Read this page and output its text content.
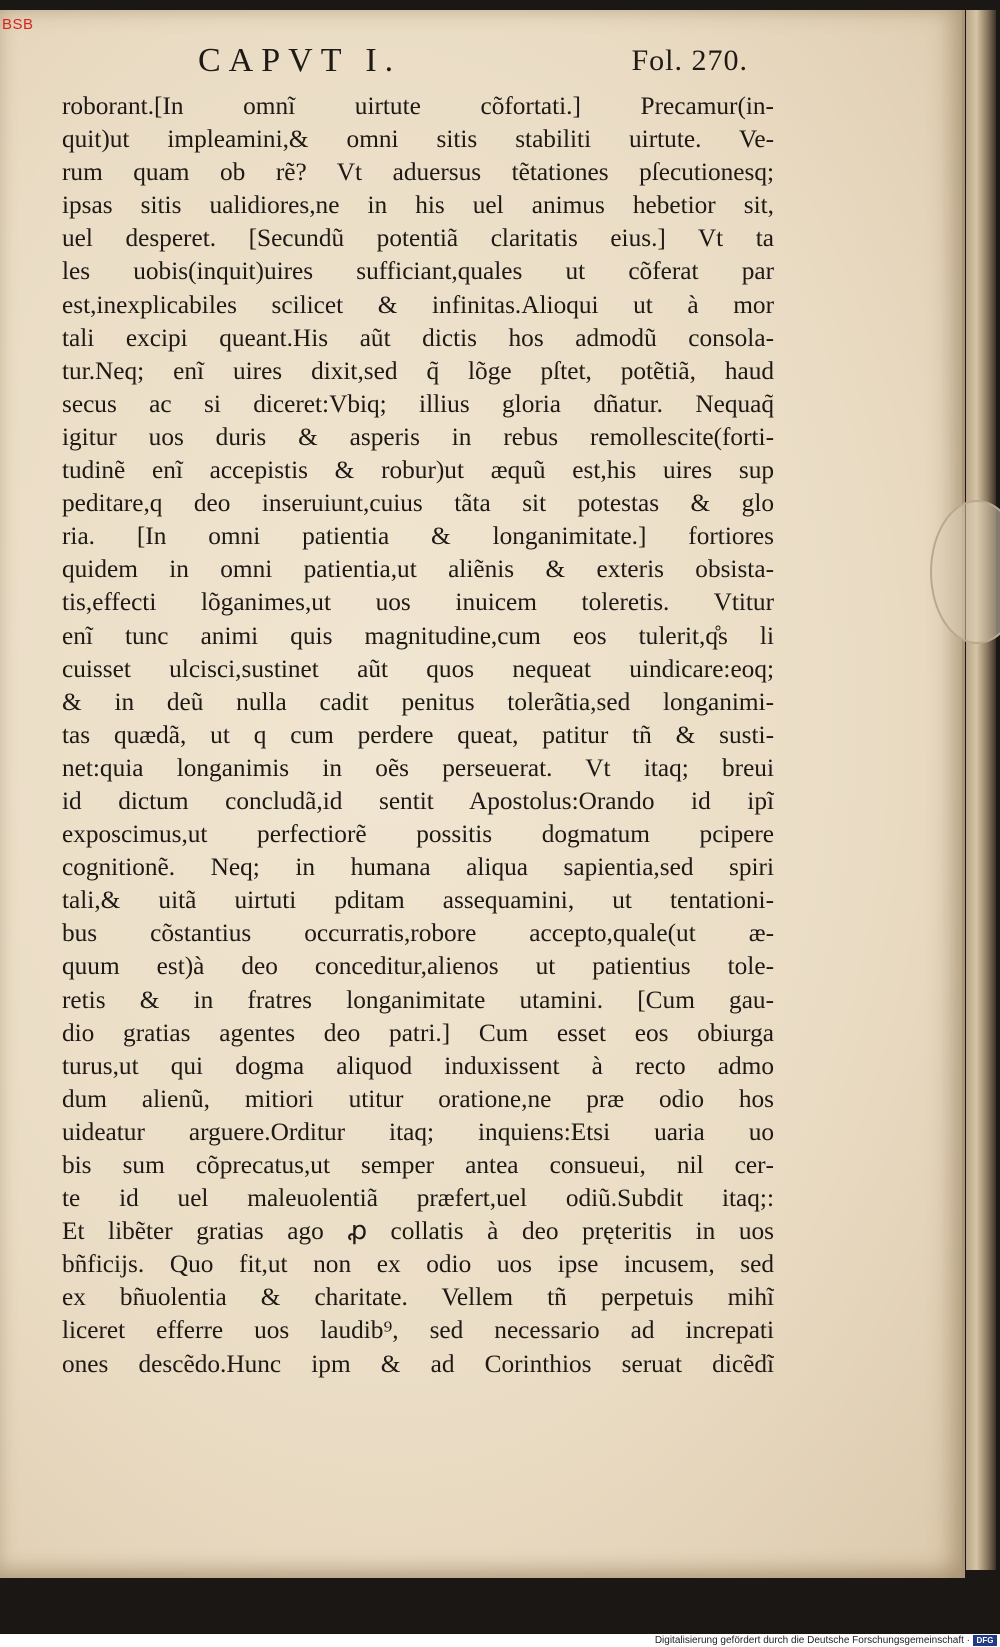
BSB
CAPVT I.	Fol. 270.
roborant.[In omnĩ uirtute cõfortati.] Precamur(in‑
quit)ut impleamini,& omni sitis stabiliti uirtute. Ve‑
rum quam ob rẽ? Vt aduersus tẽtationes pſecutionesq;
ipsas sitis ualidiores,ne in his uel animus hebetior sit,
uel desperet. [Secundũ potentiã claritatis eius.] Vt ta
les uobis(inquit)uires sufficiant,quales ut cõferat par
est,inexplicabiles scilicet & infinitas.Alioqui ut à mor
tali excipi queant.His aũt dictis hos admodũ consola‑
tur.Neq; enĩ uires dixit,sed q̃ lõge pſtet, potẽtiã, haud
secus ac si diceret:Vbiq; illius gloria dñatur. Nequaq̃
igitur uos duris & asperis in rebus remollescite(forti‑
tudinẽ enĩ accepistis & robur)ut æquũ est,his uires sup
peditare,q deo inseruiunt,cuius tãta sit potestas & glo
ria. [In omni patientia & longanimitate.] fortiores
quidem in omni patientia,ut aliẽnis & exteris obsista‑
tis,effecti lõganimes,ut uos inuicem toleretis. Vtitur
enĩ tunc animi quis magnitudine,cum eos tulerit,q̊s li
cuisset ulcisci,sustinet aũt quos nequeat uindicare:eoq;
& in deũ nulla cadit penitus tolerãtia,sed longanimi‑
tas quædã, ut q cum perdere queat, patitur tñ & susti‑
net:quia longanimis in oẽs perseuerat. Vt itaq; breui
id dictum concludã,id sentit Apostolus:Orando id ipĩ
exposcimus,ut perfectiorẽ possitis dogmatum pcipere
cognitionẽ. Neq; in humana aliqua sapientia,sed spiri
tali,& uitã uirtuti pditam assequamini, ut tentationi‑
bus cõstantius occurratis,robore accepto,quale(ut æ‑
quum est)à deo conceditur,alienos ut patientius tole‑
retis & in fratres longanimitate utamini. [Cum gau‑
dio gratias agentes deo patri.] Cum esset eos obiurga
turus,ut qui dogma aliquod induxissent à recto admo
dum alienũ, mitiori utitur oratione,ne præ odio hos
uideatur arguere.Orditur itaq; inquiens:Etsi uaria uo
bis sum cõprecatus,ut semper antea consueui, nil cer‑
te id uel maleuolentiã præfert,uel odiũ.Subdit itaq;:
Et libẽter gratias ago ꝓ collatis à deo pręteritis in uos
bñficijs. Quo fit,ut non ex odio uos ipse incusem, sed
ex bñuolentia & charitate. Vellem tñ perpetuis mihĩ
liceret efferre uos laudib⁹, sed necessario ad increpati
ones descẽdo.Hunc ipm & ad Corinthios seruat dicẽdĩ
Digitalisierung gefördert durch die Deutsche Forschungsgemeinschaft · DFG
